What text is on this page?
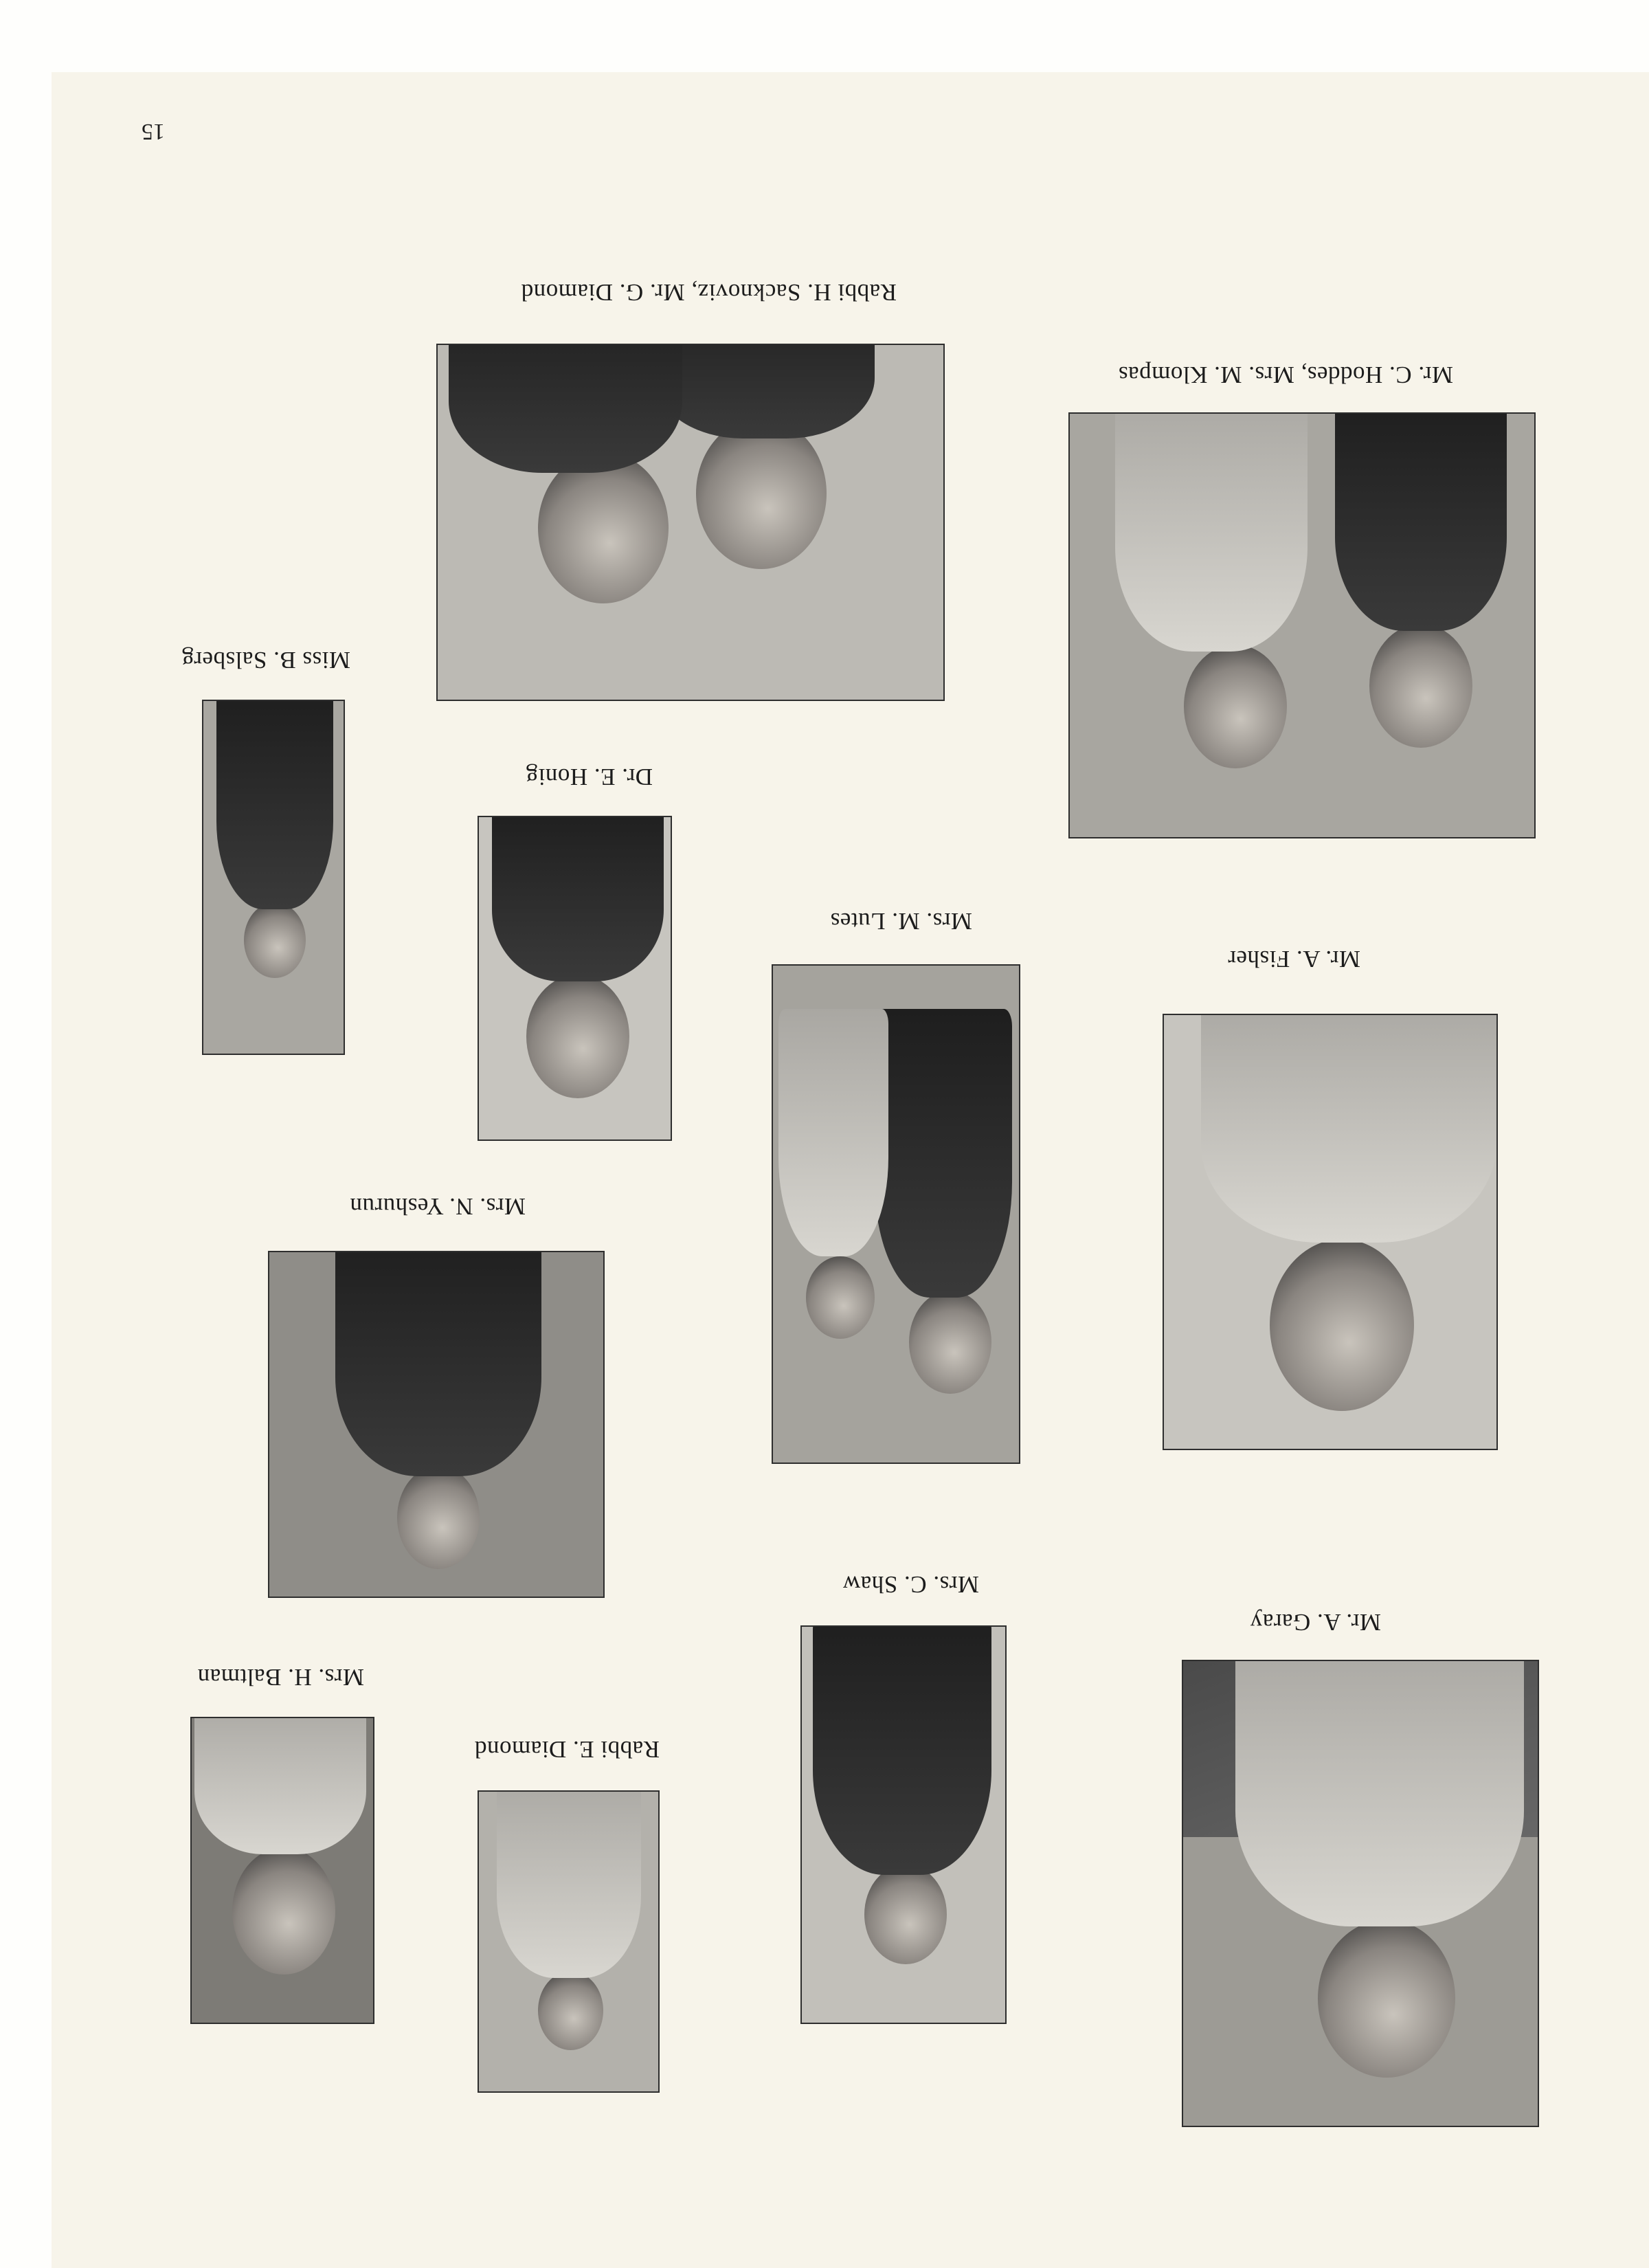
Mr. A. Garay
Mr. A. Fisher
Mr. C. Hoddes, Mrs. M. Klompas
Mrs. C. Shaw
Mrs. M. Lutes
Rabbi E. Diamond
Mrs. N. Yeshurun
Dr. E. Honig
Rabbi H. Sacknoviz, Mr. G. Diamond
Mrs. H. Baltman
Miss B. Salsberg
15
